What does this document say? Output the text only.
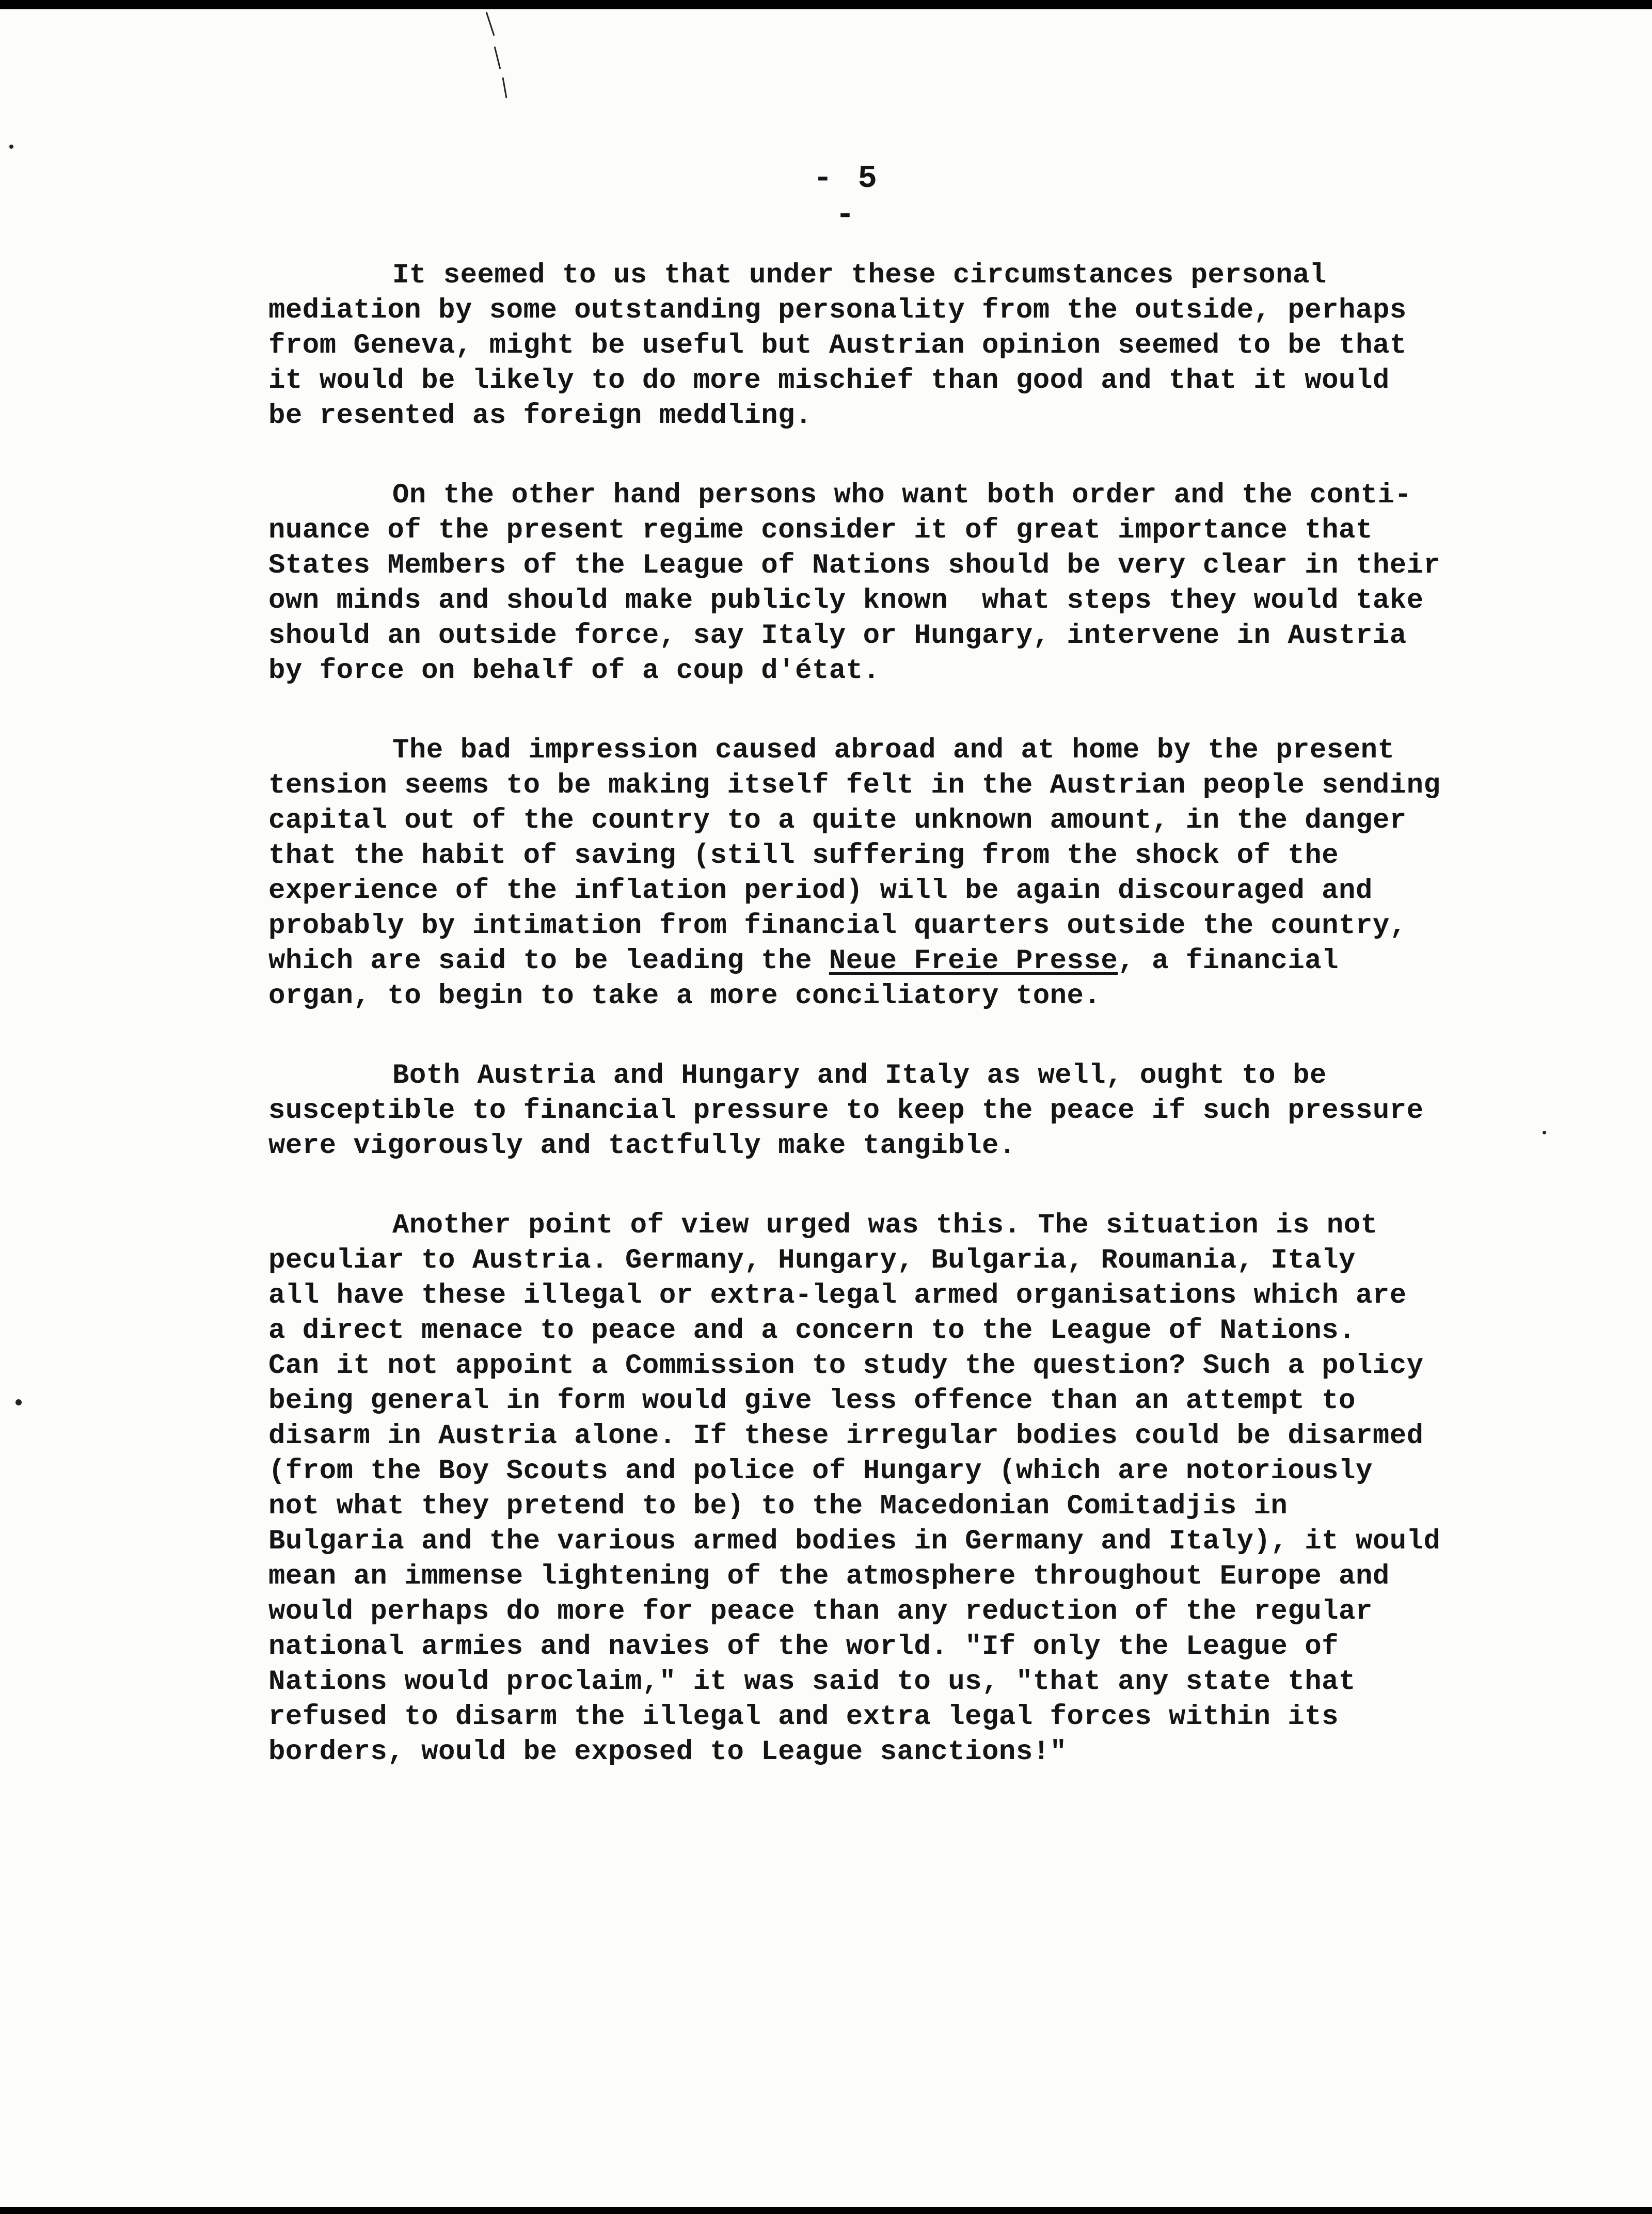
- 5 -
It seemed to us that under these circumstances personal
mediation by some outstanding personality from the outside, perhaps
from Geneva, might be useful but Austrian opinion seemed to be that
it would be likely to do more mischief than good and that it would
be resented as foreign meddling.
On the other hand persons who want both order and the conti-
nuance of the present regime consider it of great importance that
States Members of the League of Nations should be very clear in their
own minds and should make publicly known  what steps they would take
should an outside force, say Italy or Hungary, intervene in Austria
by force on behalf of a coup d'état.
The bad impression caused abroad and at home by the present
tension seems to be making itself felt in the Austrian people sending
capital out of the country to a quite unknown amount, in the danger
that the habit of saving (still suffering from the shock of the
experience of the inflation period) will be again discouraged and
probably by intimation from financial quarters outside the country,
which are said to be leading the Neue Freie Presse, a financial
organ, to begin to take a more conciliatory tone.
Both Austria and Hungary and Italy as well, ought to be
susceptible to financial pressure to keep the peace if such pressure
were vigorously and tactfully make tangible.
Another point of view urged was this. The situation is not
peculiar to Austria. Germany, Hungary, Bulgaria, Roumania, Italy
all have these illegal or extra-legal armed organisations which are
a direct menace to peace and a concern to the League of Nations.
Can it not appoint a Commission to study the question? Such a policy
being general in form would give less offence than an attempt to
disarm in Austria alone. If these irregular bodies could be disarmed
(from the Boy Scouts and police of Hungary (which are notoriously
not what they pretend to be) to the Macedonian Comitadjis in
Bulgaria and the various armed bodies in Germany and Italy), it would
mean an immense lightening of the atmosphere throughout Europe and
would perhaps do more for peace than any reduction of the regular
national armies and navies of the world. "If only the League of
Nations would proclaim," it was said to us, "that any state that
refused to disarm the illegal and extra legal forces within its
borders, would be exposed to League sanctions!"
